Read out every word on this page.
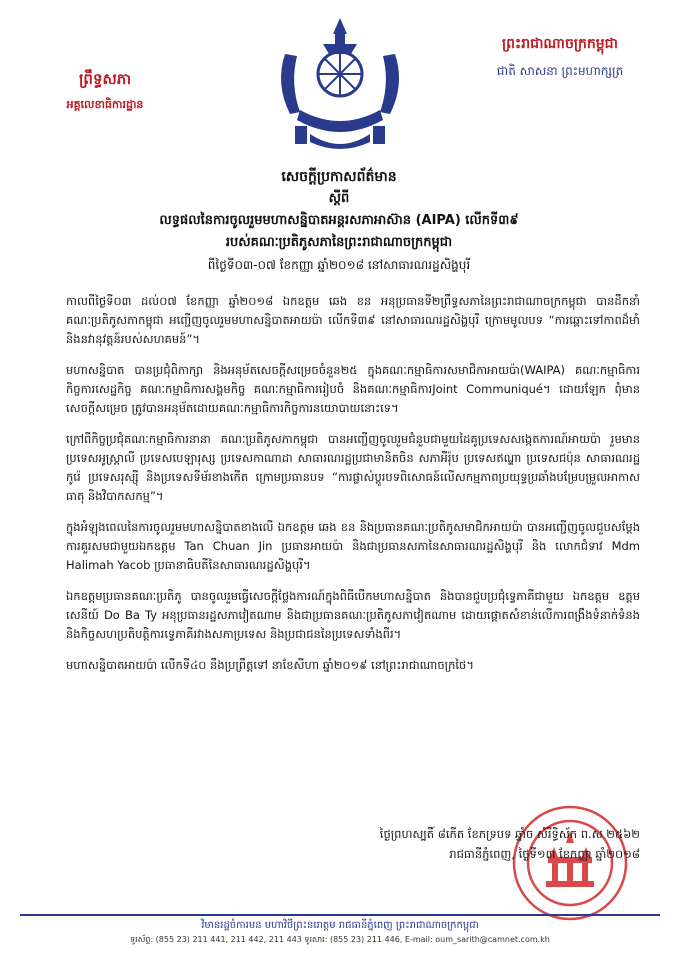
ព្រឹទ្ធសភា
អគ្គលេខាធិការដ្ឋាន
ព្រះរាជាណាចក្រកម្ពុជា
ជាតិ សាសនា ព្រះមហាក្សត្រ
សេចក្តីប្រកាសព័ត៌មាន
ស្តីពី
លទ្ធផលនៃការចូលរួមមហាសន្និបាតអន្តរសភាអាស៊ាន (AIPA) លើកទី៣៩
របស់គណៈប្រតិភូសភានៃព្រះរាជាណាចក្រកម្ពុជា
ពីថ្ងៃទី០៣-០៧ ខែកញ្ញា ឆ្នាំ២០១៨ នៅសាធារណរដ្ឋសិង្ហបុរី

កាលពីថ្ងៃទី០៣ ដល់០៧ ខែកញ្ញា ឆ្នាំ២០១៨ ឯកឧត្តម ឆេង ខន អនុប្រធានទី២ព្រឹទ្ធសភានៃព្រះរាជាណាចក្រកម្ពុជា បានដឹកនាំគណៈប្រតិភូសភាកម្ពុជា អញ្ជើញចូលរួមមហាសន្និបាតអាយប៉ា លើកទី៣៩ នៅសាធារណរដ្ឋសិង្ហបុរី ក្រោមមូលបទ “ការឆ្ពោះទៅកាពដ៏មាំ និងនវានុវត្តន៍របស់សហគមន៍”។

មហាសន្និបាត បានប្រជុំពិភាក្សា និងអនុម័តសេចក្តីសម្រេចចំនួន២៥ ក្នុងគណៈកម្មាធិការសមាជិកាអាយប៉ា(WAIPA) គណៈកម្មាធិការកិច្ចការសេដ្ឋកិច្ច គណៈកម្មាធិការសង្គមកិច្ច គណៈកម្មាធិការរៀបចំ និងគណៈកម្មាធិការJoint Communiqué។ ដោយឡែក ពុំមានសេចក្តីសម្រេច ត្រូវបានអនុម័តដោយគណៈកម្មាធិការកិច្ចការនយោបាយនោះទេ។

ក្រៅពីកិច្ចប្រជុំគណៈកម្មាធិការនានា គណៈប្រតិភូសភាកម្ពុជា បានអញ្ជើញចូលរួមជំនួបជាមួយដៃគូប្រទេសសង្កេតការណ៍អាយប៉ា រួមមានប្រទេសអូស្ត្រាលី ប្រទេសបេឡារុស្ស ប្រទេសកាណាដា សាធារណរដ្ឋប្រជាមានិតចិន សភាអឺរ៉ុប ប្រទេសឥណ្ឌា ប្រទេសជប៉ុន សាធារណរដ្ឋកូរ៉េ ប្រទេសរុស្ស៊ី និងប្រទេសទីម័រខាងកើត ក្រោមប្រធានបទ “ការផ្លាស់ប្តូរបទពិសោធន៍លើសកម្មភាពប្រយុទ្ធប្រឆាំងបម្រែបម្រួលអាកាសធាតុ និងវិបាកសកម្ម”។

ក្នុងអំឡុងពេលនៃការចូលរួមមហាសន្និបាតខាងលើ ឯកឧត្តម ឆេង ខន និងប្រធានគណៈប្រតិភូសមាជិកអាយប៉ា បានអញ្ជើញចូលជួបសម្តែងការគួរសមជាមួយឯកឧត្តម Tan Chuan Jin ប្រធានអាយប៉ា និងជាប្រធានសភានៃសាធារណរដ្ឋសិង្ហបុរី និង លោកជំទាវ Mdm Halimah Yacob ប្រធានាធិបតីនៃសាធារណរដ្ឋសិង្ហបុរី។

ឯកឧត្តមប្រធានគណៈប្រតិភូ បានចូលរួមធ្វើសេចក្តីថ្លែងការណ៍ក្នុងពិធីបើកមហាសន្និបាត និងបានជួបប្រជុំទ្វេភាគីជាមួយ ឯកឧត្តម ឧត្តមសេនីយ៍ Do Ba Ty អនុប្រធានរដ្ឋសភាវៀតណាម និងជាប្រធានគណៈប្រតិភូសភាវៀតណាម ដោយផ្តោតសំខាន់លើការពង្រឹងទំនាក់ទំនង និងកិច្ចសហប្រតិបត្តិការទ្វេភាគីរវាងសភាប្រទេស និងប្រជាជននៃប្រទេសទាំងពីរ។

មហាសន្និបាតអាយប៉ា លើកទី៤០ នឹងប្រព្រឹត្តទៅ នាខែសីហា ឆ្នាំ២០១៩ នៅព្រះរាជាណាចក្រថៃ។

ថ្ងៃព្រហស្បតិ៍ ៨កើត ខែភទ្របទ ឆ្នាំច សំរឹទ្ធិស័ក ព.ស ២៥៦២
រាជធានីភ្នំពេញ, ថ្ងៃទី១៣ ខែកញ្ញា ឆ្នាំ២០១៨
វិមានរដ្ឋចំការមន មហាវិថីព្រះនរោត្តម រាជធានីភ្នំពេញ ព្រះរាជាណាចក្រកម្ពុជា
ទូរស័ព្ទ: (855 23) 211 441, 211 442, 211 443 ទូរសារ: (855 23) 211 446, E-mail: oum_sarith@camnet.com.kh
